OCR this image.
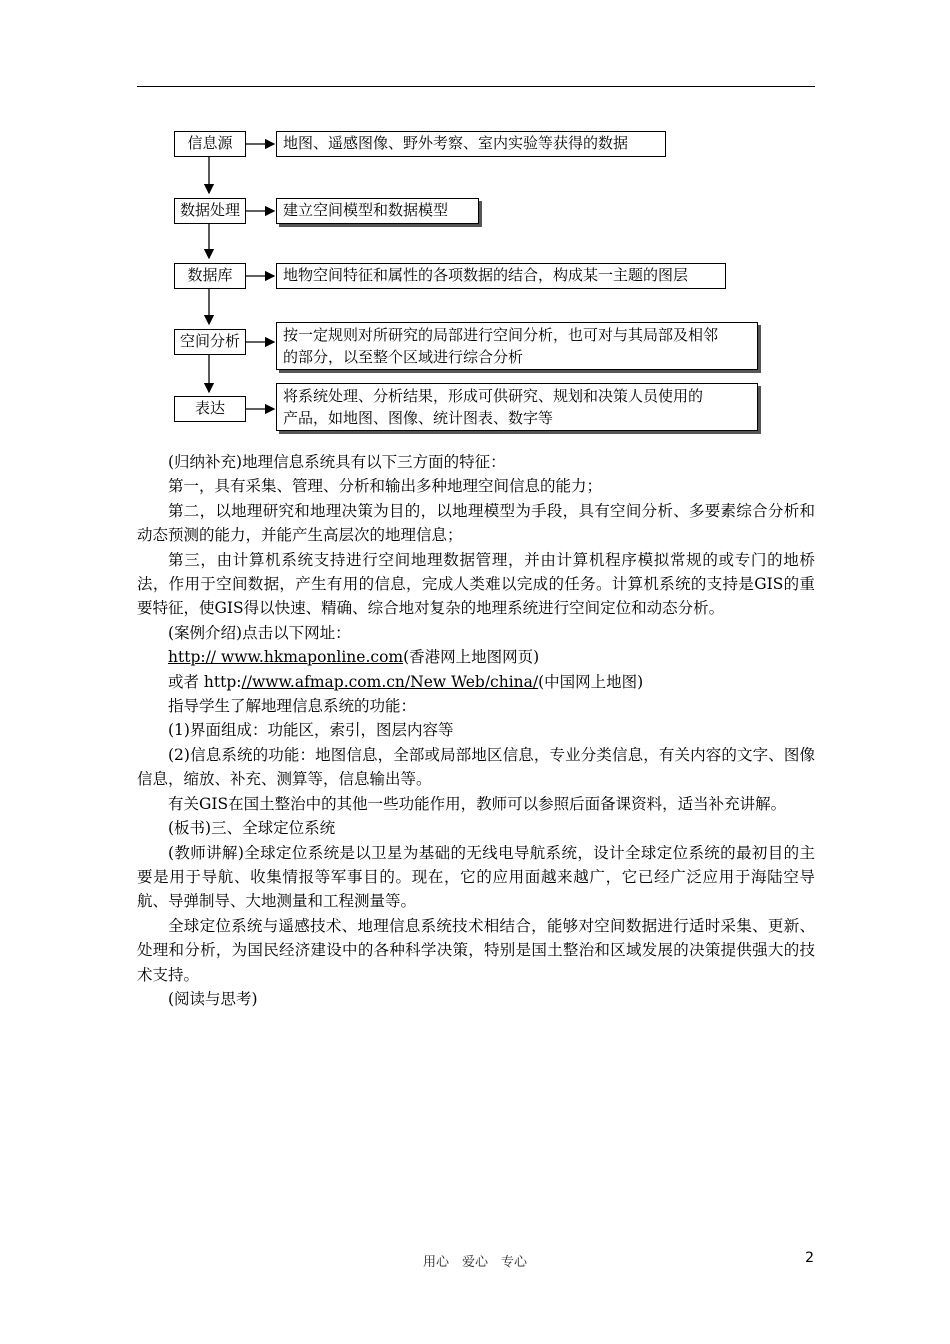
信息源
数据处理
数据库
空间分析
表达
地图、遥感图像、野外考察、室内实验等获得的数据
建立空间模型和数据模型
地物空间特征和属性的各项数据的结合，构成某一主题的图层
按一定规则对所研究的局部进行空间分析，也可对与其局部及相邻
的部分，以至整个区域进行综合分析
将系统处理、分析结果，形成可供研究、规划和决策人员使用的
产品，如地图、图像、统计图表、数字等

(归纳补充)地理信息系统具有以下三方面的特征：

第一，具有采集、管理、分析和输出多种地理空间信息的能力；

第二，以地理研究和地理决策为目的，以地理模型为手段，具有空间分析、多要素综合分析和动态预测的能力，并能产生高层次的地理信息；

第三，由计算机系统支持进行空间地理数据管理，并由计算机程序模拟常规的或专门的地桥法，作用于空间数据，产生有用的信息，完成人类难以完成的任务。计算机系统的支持是GIS的重要特征，使GIS得以快速、精确、综合地对复杂的地理系统进行空间定位和动态分析。

(案例介绍)点击以下网址：

http:// www.hkmaponline.com(香港网上地图网页)

或者 http://www.afmap.com.cn/New Web/china/(中国网上地图)

指导学生了解地理信息系统的功能：

(1)界面组成：功能区，索引，图层内容等

(2)信息系统的功能：地图信息，全部或局部地区信息，专业分类信息，有关内容的文字、图像信息，缩放、补充、测算等，信息输出等。

有关GIS在国土整治中的其他一些功能作用，教师可以参照后面备课资料，适当补充讲解。

(板书)三、全球定位系统

(教师讲解)全球定位系统是以卫星为基础的无线电导航系统，设计全球定位系统的最初目的主要是用于导航、收集情报等军事目的。现在，它的应用面越来越广，它已经广泛应用于海陆空导航、导弹制导、大地测量和工程测量等。

全球定位系统与遥感技术、地理信息系统技术相结合，能够对空间数据进行适时采集、更新、处理和分析，为国民经济建设中的各种科学决策，特别是国土整治和区域发展的决策提供强大的技术支持。

(阅读与思考)

用心　爱心　专心	2
